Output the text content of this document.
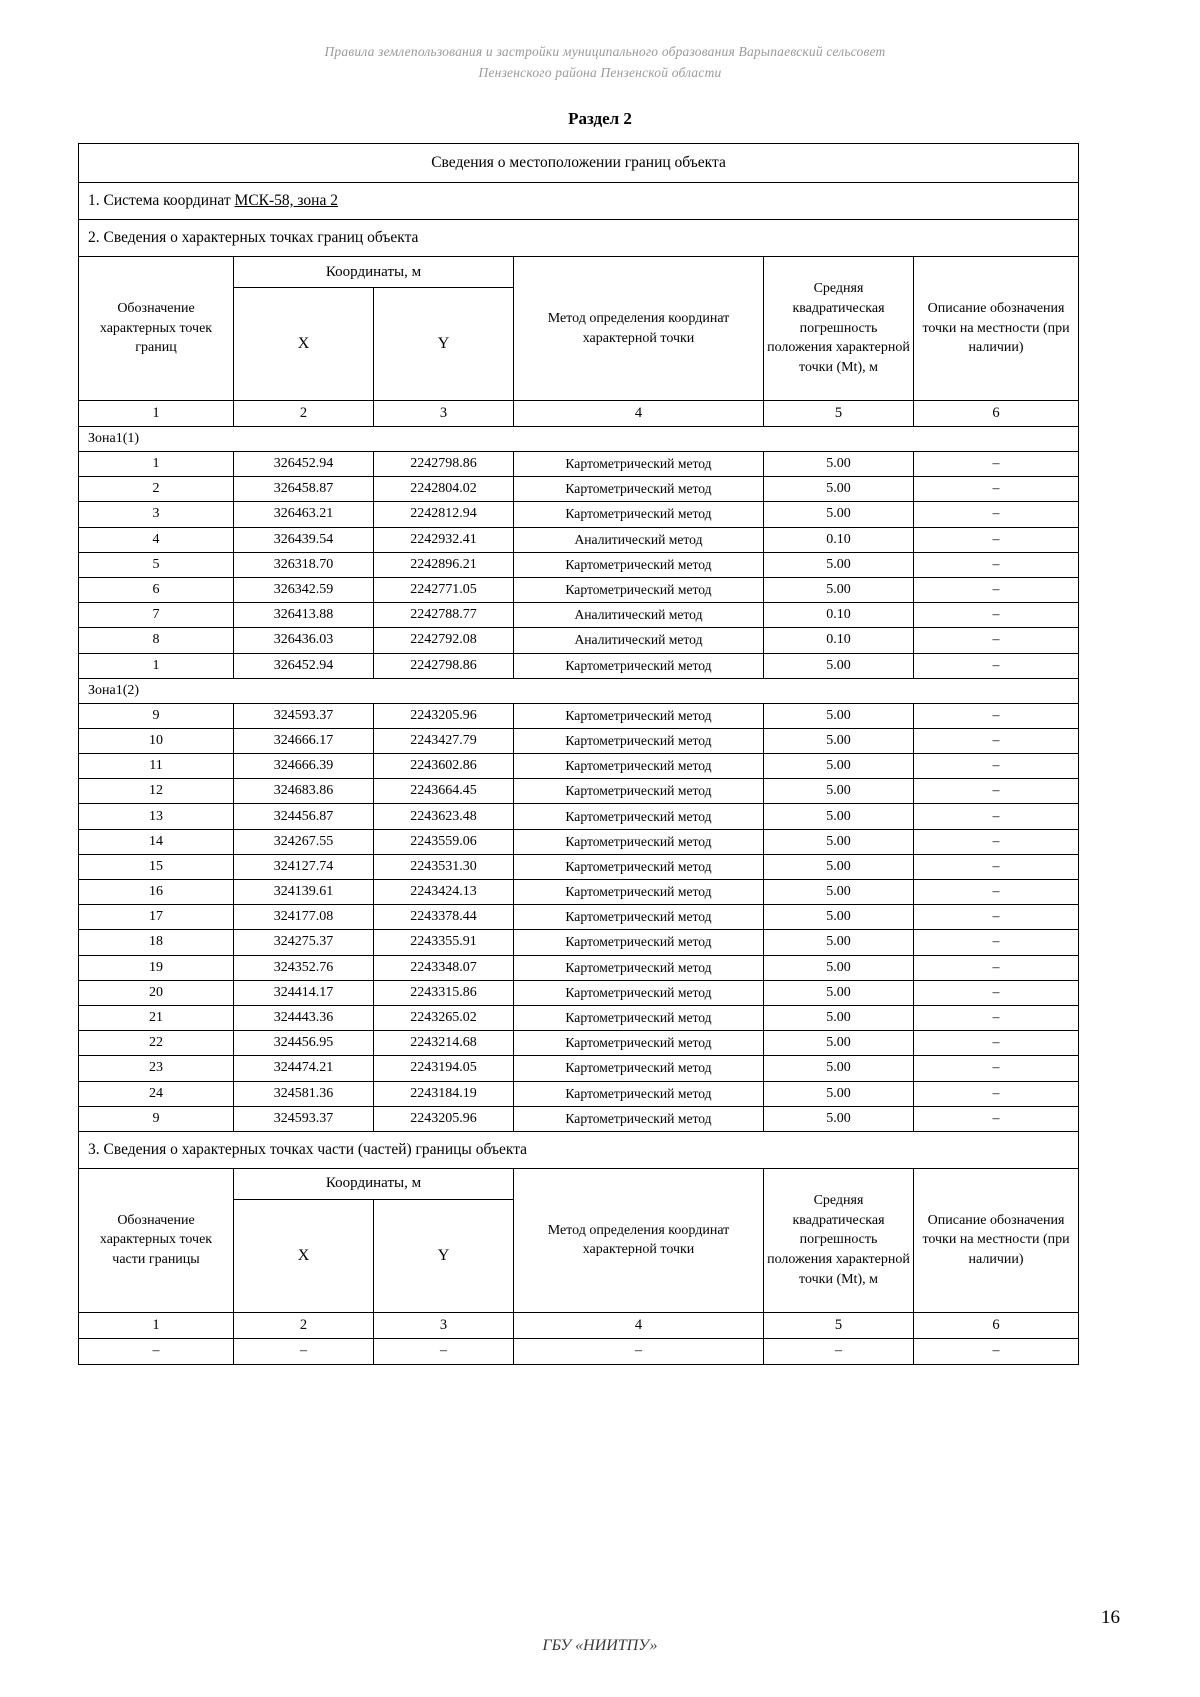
Правила землепользования и застройки муниципального образования Варыпаевский сельсовет
Пензенского района Пензенской области
Раздел 2
Сведения о местоположении границ объекта					
1. Система координат МСК-58, зона 2					
2. Сведения о характерных точках границ объекта					
Обозначение характерных точек границ	Координаты, м		Метод определения координат характерной точки	Средняя квадратическая погрешность положения характерной точки (Mt), м	Описание обозначения точки на местности (при наличии)
	X	Y			
1	2	3	4	5	6
Зона1(1)					
1	326452.94	2242798.86	Картометрический метод	5.00	–
2	326458.87	2242804.02	Картометрический метод	5.00	–
3	326463.21	2242812.94	Картометрический метод	5.00	–
4	326439.54	2242932.41	Аналитический метод	0.10	–
5	326318.70	2242896.21	Картометрический метод	5.00	–
6	326342.59	2242771.05	Картометрический метод	5.00	–
7	326413.88	2242788.77	Аналитический метод	0.10	–
8	326436.03	2242792.08	Аналитический метод	0.10	–
1	326452.94	2242798.86	Картометрический метод	5.00	–
Зона1(2)					
9	324593.37	2243205.96	Картометрический метод	5.00	–
10	324666.17	2243427.79	Картометрический метод	5.00	–
11	324666.39	2243602.86	Картометрический метод	5.00	–
12	324683.86	2243664.45	Картометрический метод	5.00	–
13	324456.87	2243623.48	Картометрический метод	5.00	–
14	324267.55	2243559.06	Картометрический метод	5.00	–
15	324127.74	2243531.30	Картометрический метод	5.00	–
16	324139.61	2243424.13	Картометрический метод	5.00	–
17	324177.08	2243378.44	Картометрический метод	5.00	–
18	324275.37	2243355.91	Картометрический метод	5.00	–
19	324352.76	2243348.07	Картометрический метод	5.00	–
20	324414.17	2243315.86	Картометрический метод	5.00	–
21	324443.36	2243265.02	Картометрический метод	5.00	–
22	324456.95	2243214.68	Картометрический метод	5.00	–
23	324474.21	2243194.05	Картометрический метод	5.00	–
24	324581.36	2243184.19	Картометрический метод	5.00	–
9	324593.37	2243205.96	Картометрический метод	5.00	–
3. Сведения о характерных точках части (частей) границы объекта					
Обозначение характерных точек части границы	Координаты, м		Метод определения координат характерной точки	Средняя квадратическая погрешность положения характерной точки (Mt), м	Описание обозначения точки на местности (при наличии)
	X	Y			
1	2	3	4	5	6
–	–	–	–	–	–
16
ГБУ «НИИТПУ»
